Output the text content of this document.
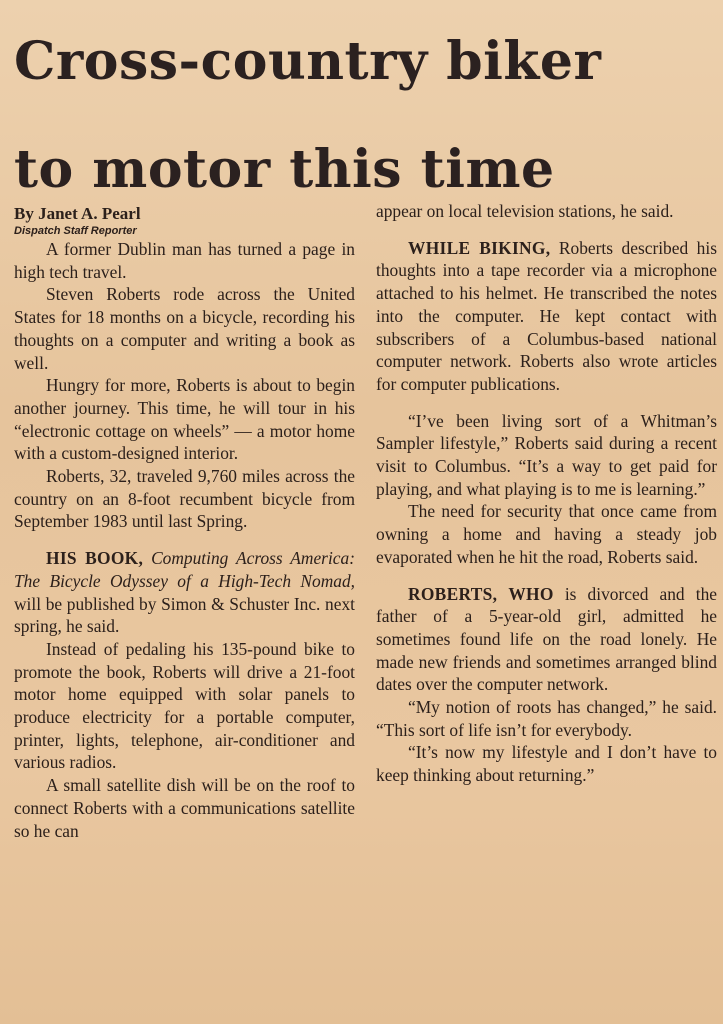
Cross-country biker
to motor this time
By Janet A. Pearl
Dispatch Staff Reporter

A former Dublin man has turned a page in high tech travel.

Steven Roberts rode across the United States for 18 months on a bicycle, recording his thoughts on a computer and writing a book as well.

Hungry for more, Roberts is about to begin another journey. This time, he will tour in his “electronic cottage on wheels” — a motor home with a custom-designed interior.

Roberts, 32, traveled 9,760 miles across the country on an 8-foot recumbent bicycle from September 1983 until last Spring.

HIS BOOK, Computing Across America: The Bicycle Odyssey of a High-Tech Nomad, will be published by Simon & Schuster Inc. next spring, he said.

Instead of pedaling his 135-pound bike to promote the book, Roberts will drive a 21-foot motor home equipped with solar panels to produce electricity for a portable computer, printer, lights, telephone, air-conditioner and various radios.

A small satellite dish will be on the roof to connect Roberts with a communications satellite so he can

appear on local television stations, he said.

WHILE BIKING, Roberts described his thoughts into a tape recorder via a microphone attached to his helmet. He transcribed the notes into the computer. He kept contact with subscribers of a Columbus-based national computer network. Roberts also wrote articles for computer publications.

“I’ve been living sort of a Whitman’s Sampler lifestyle,” Roberts said during a recent visit to Columbus. “It’s a way to get paid for playing, and what playing is to me is learning.”

The need for security that once came from owning a home and having a steady job evaporated when he hit the road, Roberts said.

ROBERTS, WHO is divorced and the father of a 5-year-old girl, admitted he sometimes found life on the road lonely. He made new friends and sometimes arranged blind dates over the computer network.

“My notion of roots has changed,” he said. “This sort of life isn’t for everybody.

“It’s now my lifestyle and I don’t have to keep thinking about returning.”
